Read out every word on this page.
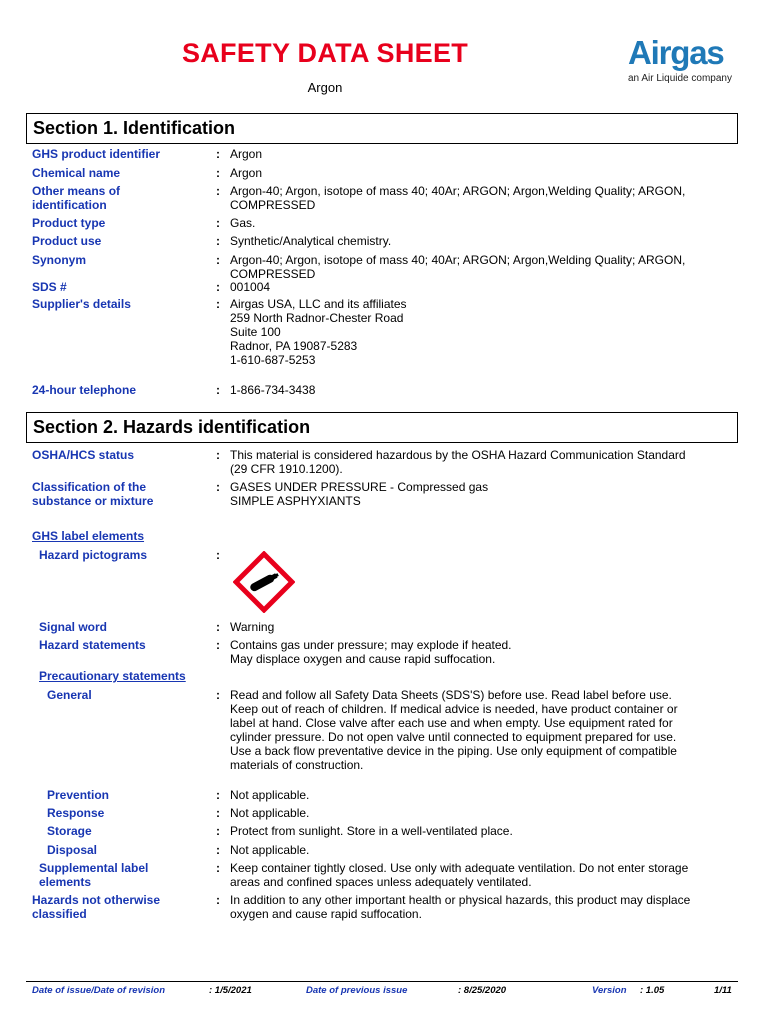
SAFETY DATA SHEET
Argon
Airgas
an Air Liquide company
Section 1. Identification
GHS product identifier	: Argon
Chemical name	: Argon
Other means of
identification
: Argon-40; Argon, isotope of mass 40; 40Ar; ARGON; Argon,Welding Quality; ARGON,
COMPRESSED
Product type	: Gas.
Product use	: Synthetic/Analytical chemistry.
Synonym	: Argon-40; Argon, isotope of mass 40; 40Ar; ARGON; Argon,Welding Quality; ARGON,
COMPRESSED
SDS #	: 001004
Supplier's details	: Airgas USA, LLC and its affiliates
259 North Radnor-Chester Road
Suite 100
Radnor, PA 19087-5283
1-610-687-5253
24-hour telephone	: 1-866-734-3438
Section 2. Hazards identification
OSHA/HCS status	: This material is considered hazardous by the OSHA Hazard Communication Standard
(29 CFR 1910.1200).
Classification of the
substance or mixture
: GASES UNDER PRESSURE - Compressed gas
SIMPLE ASPHYXIANTS
GHS label elements
Hazard pictograms	:
Signal word	: Warning
Hazard statements	: Contains gas under pressure; may explode if heated.
May displace oxygen and cause rapid suffocation.
Precautionary statements
General	: Read and follow all Safety Data Sheets (SDS'S) before use. Read label before use.
Keep out of reach of children. If medical advice is needed, have product container or
label at hand. Close valve after each use and when empty. Use equipment rated for
cylinder pressure. Do not open valve until connected to equipment prepared for use.
Use a back flow preventative device in the piping. Use only equipment of compatible
materials of construction.
Prevention	: Not applicable.
Response	: Not applicable.
Storage	: Protect from sunlight. Store in a well-ventilated place.
Disposal	: Not applicable.
Supplemental label
elements
: Keep container tightly closed. Use only with adequate ventilation. Do not enter storage
areas and confined spaces unless adequately ventilated.
Hazards not otherwise
classified
: In addition to any other important health or physical hazards, this product may displace
oxygen and cause rapid suffocation.
Date of issue/Date of revision	: 1/5/2021	Date of previous issue	: 8/25/2020	Version : 1.05	1/11
